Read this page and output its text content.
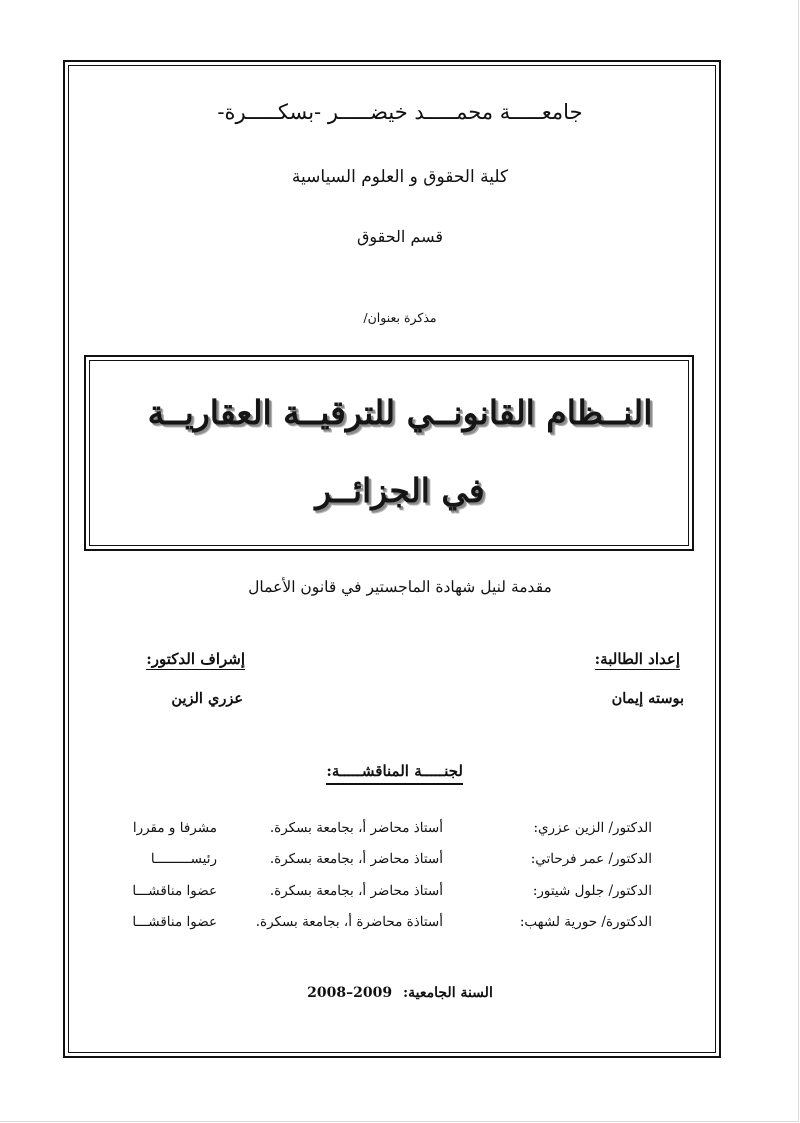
جامعـــــة محمـــــد خيضـــــر -بسكـــــرة-
كلية الحقوق و العلوم السياسية
قسم الحقوق
مذكرة بعنوان/
النــظام القانونــي للترقيــة العقاريــة
في الجزائــر
مقدمة لنيل شهادة الماجستير في قانون الأعمال
إعداد الطالبة:
إشراف الدكتور:
بوسته إيمان
عزري الزين
لجنـــــة المناقشـــــة:
الدكتور/ الزين عزري:
أستاذ محاضر أ، بجامعة بسكرة.
مشرفا و مقررا
الدكتور/ عمر فرحاتي:
أستاذ محاضر أ، بجامعة بسكرة.
رئيســـــــــا
الدكتور/ جلول شيتور:
أستاذ محاضر أ، بجامعة بسكرة.
عضوا مناقشـــا
الدكتورة/ حورية لشهب:
أستاذة محاضرة أ، بجامعة بسكرة.
عضوا مناقشـــا
السنة الجامعية: 2008–2009
